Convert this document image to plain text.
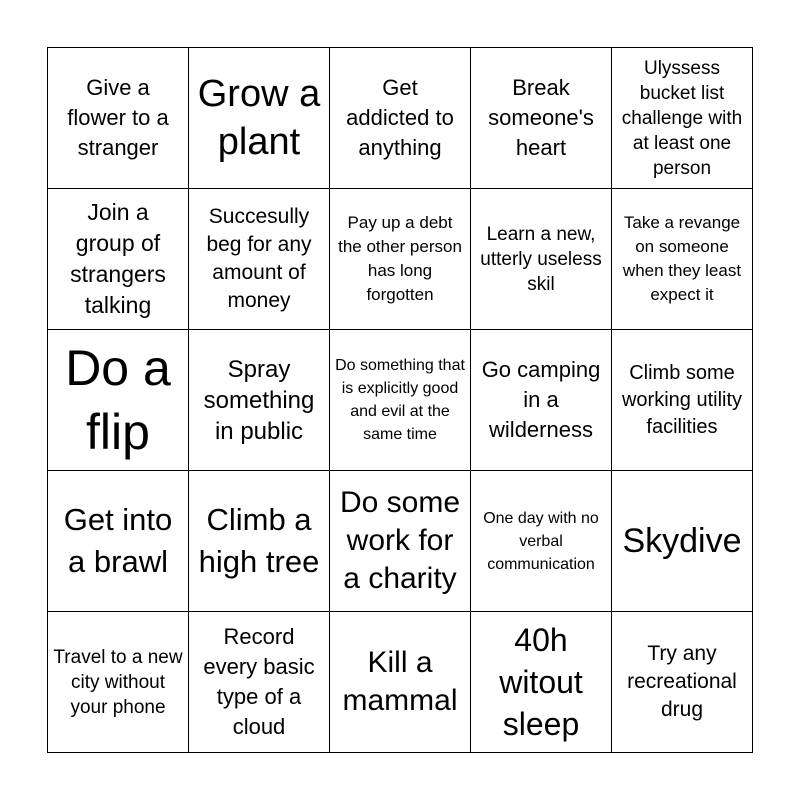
Give a flower to a stranger
Grow a plant
Get addicted to anything
Break someone's heart
Ulyssess bucket list challenge with at least one person
Join a group of strangers talking
Succesully beg for any amount of money
Pay up a debt the other person has long forgotten
Learn a new, utterly useless skil
Take a revange on someone when they least expect it
Do a flip
Spray something in public
Do something that is explicitly good and evil at the same time
Go camping in a wilderness
Climb some working utility facilities
Get into a brawl
Climb a high tree
Do some work for a charity
One day with no verbal communication
Skydive
Travel to a new city without your phone
Record every basic type of a cloud
Kill a mammal
40h witout sleep
Try any recreational drug
